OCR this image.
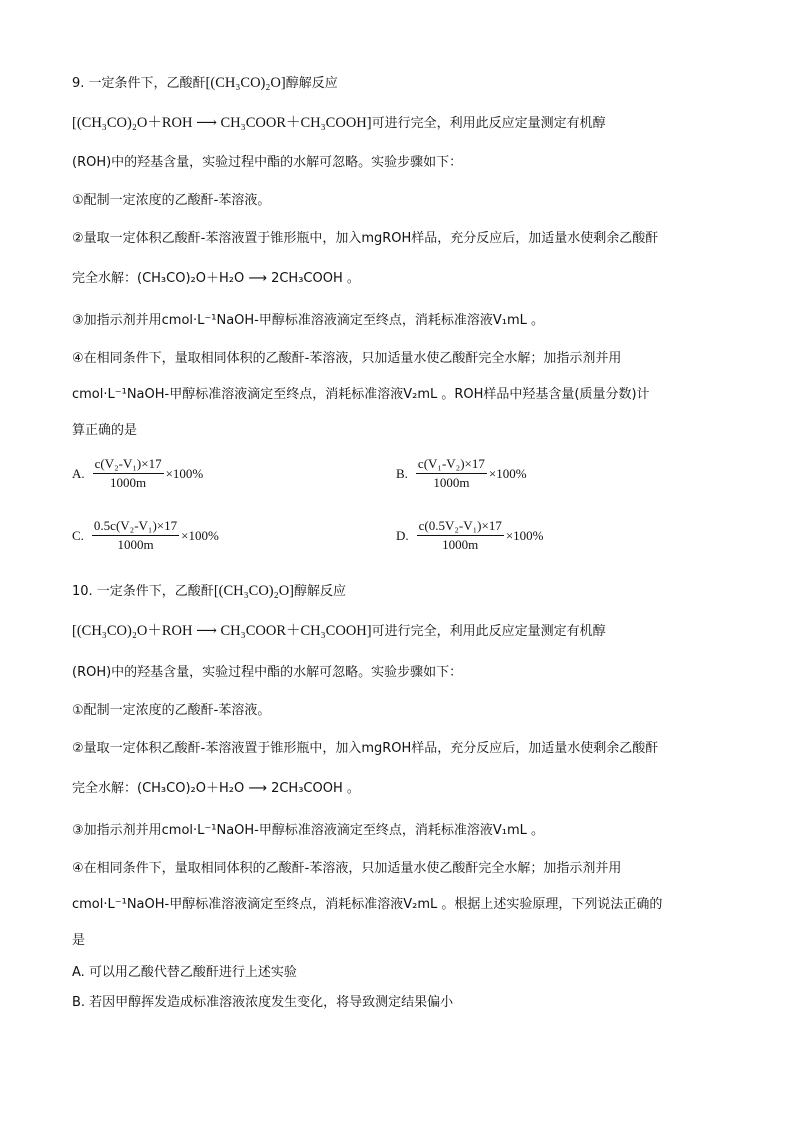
9. 一定条件下，乙酸酐[(CH₃CO)₂O]醇解反应
[(CH₃CO)₂O＋ROH ⟶ CH₃COOR＋CH₃COOH]可进行完全，利用此反应定量测定有机醇
(ROH)中的羟基含量，实验过程中酯的水解可忽略。实验步骤如下：
①配制一定浓度的乙酸酐-苯溶液。
②量取一定体积乙酸酐-苯溶液置于锥形瓶中，加入mgROH样品，充分反应后，加适量水使剩余乙酸酐
完全水解：(CH₃CO)₂O＋H₂O ⟶ 2CH₃COOH 。
③加指示剂并用cmol·L⁻¹NaOH-甲醇标准溶液滴定至终点，消耗标准溶液V₁mL 。
④在相同条件下，量取相同体积的乙酸酐-苯溶液，只加适量水使乙酸酐完全水解；加指示剂并用
cmol·L⁻¹NaOH-甲醇标准溶液滴定至终点，消耗标准溶液V₂mL 。ROH样品中羟基含量(质量分数)计
算正确的是
A. $\frac{\text{c(V₂-V₁)×17}}{1000m} \times 100\%$	B. $\frac{\text{c(V₁-V₂)×17}}{1000m} \times 100\%$
C. $\frac{\text{0.5c(V₂-V₁)×17}}{1000m} \times 100\%$	D. $\frac{\text{c(0.5V₂-V₁)×17}}{1000m} \times 100\%$
10. 一定条件下，乙酸酐[(CH₃CO)₂O]醇解反应
[(CH₃CO)₂O＋ROH ⟶ CH₃COOR＋CH₃COOH]可进行完全，利用此反应定量测定有机醇
(ROH)中的羟基含量，实验过程中酯的水解可忽略。实验步骤如下：
①配制一定浓度的乙酸酐-苯溶液。
②量取一定体积乙酸酐-苯溶液置于锥形瓶中，加入mgROH样品，充分反应后，加适量水使剩余乙酸酐
完全水解：(CH₃CO)₂O＋H₂O ⟶ 2CH₃COOH 。
③加指示剂并用cmol·L⁻¹NaOH-甲醇标准溶液滴定至终点，消耗标准溶液V₁mL 。
④在相同条件下，量取相同体积的乙酸酐-苯溶液，只加适量水使乙酸酐完全水解；加指示剂并用
cmol·L⁻¹NaOH-甲醇标准溶液滴定至终点，消耗标准溶液V₂mL 。根据上述实验原理，下列说法正确的
是
A. 可以用乙酸代替乙酸酐进行上述实验
B. 若因甲醇挥发造成标准溶液浓度发生变化，将导致测定结果偏小
